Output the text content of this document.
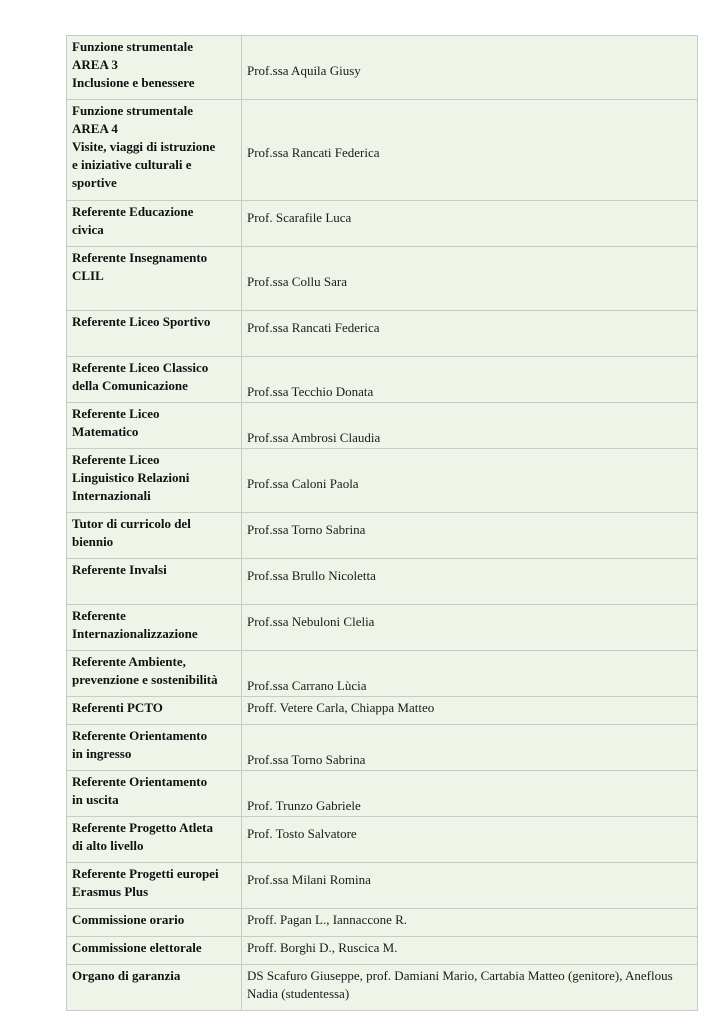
Funzione strumentale
AREA 3
Inclusione e benessere	Prof.ssa Aquila Giusy

Funzione strumentale
AREA 4
Visite, viaggi di istruzione
e iniziative culturali e
sportive	Prof.ssa Rancati Federica

Referente Educazione
civica	Prof. Scarafile Luca

Referente Insegnamento
CLIL	Prof.ssa Collu Sara

Referente Liceo Sportivo	Prof.ssa Rancati Federica

Referente Liceo Classico
della Comunicazione	Prof.ssa Tecchio Donata

Referente Liceo
Matematico	Prof.ssa Ambrosi Claudia

Referente Liceo
Linguistico Relazioni
Internazionali	Prof.ssa Caloni Paola

Tutor di curricolo del
biennio	Prof.ssa Torno Sabrina

Referente Invalsi	Prof.ssa Brullo Nicoletta

Referente
Internazionalizzazione	Prof.ssa Nebuloni Clelia

Referente Ambiente,
prevenzione e sostenibilità	Prof.ssa Carrano Lùcia

Referenti PCTO	Proff. Vetere Carla, Chiappa Matteo

Referente Orientamento
in ingresso	Prof.ssa Torno Sabrina

Referente Orientamento
in uscita	Prof. Trunzo Gabriele

Referente Progetto Atleta
di alto livello	Prof. Tosto Salvatore

Referente Progetti europei
Erasmus Plus	Prof.ssa Milani Romina

Commissione orario	Proff. Pagan L., Iannaccone R.

Commissione elettorale	Proff. Borghi D., Ruscica M.

Organo di garanzia	DS Scafuro Giuseppe, prof. Damiani Mario, Cartabia Matteo (genitore), Aneflous Nadia (studentessa)
